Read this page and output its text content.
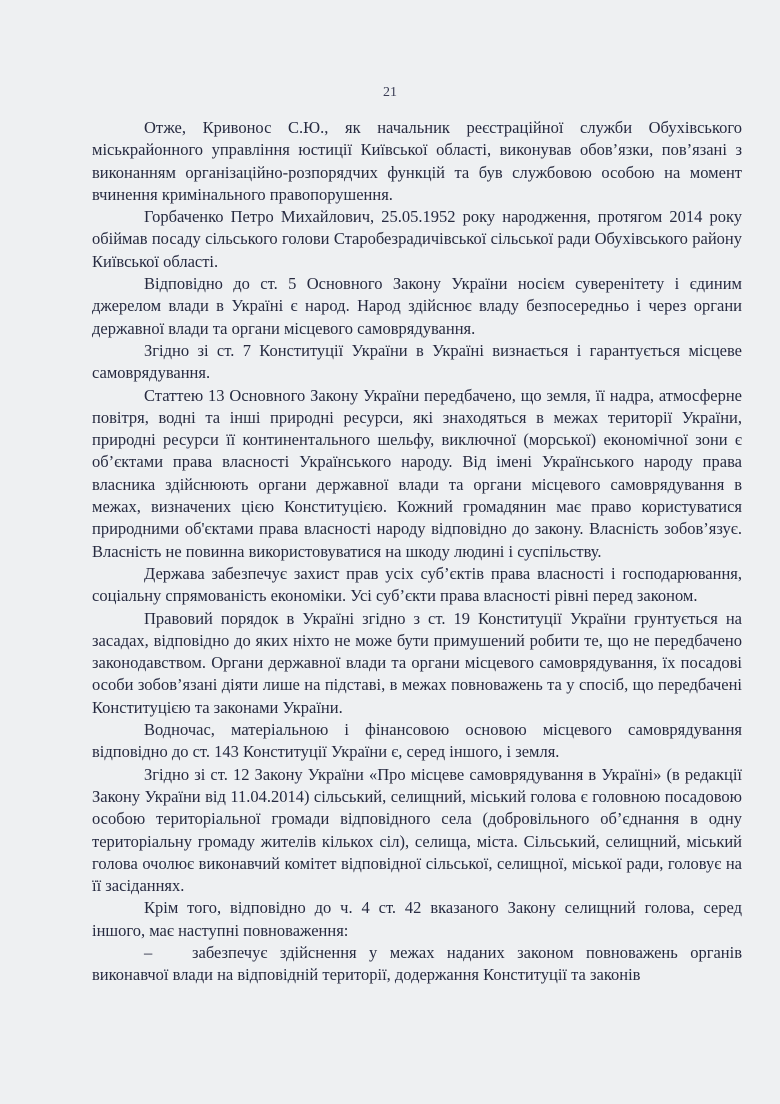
21

Отже, Кривонос С.Ю., як начальник реєстраційної служби Обухівського міськрайонного управління юстиції Київської області, виконував обов’язки, пов’язані з виконанням організаційно-розпорядчих функцій та був службовою особою на момент вчинення кримінального правопорушення.

Горбаченко Петро Михайлович, 25.05.1952 року народження, протягом 2014 року обіймав посаду сільського голови Старобезрадичівської сільської ради Обухівського району Київської області.

Відповідно до ст. 5 Основного Закону України носієм суверенітету і єдиним джерелом влади в Україні є народ. Народ здійснює владу безпосередньо і через органи державної влади та органи місцевого самоврядування.

Згідно зі ст. 7 Конституції України в Україні визнається і гарантується місцеве самоврядування.

Статтею 13 Основного Закону України передбачено, що земля, її надра, атмосферне повітря, водні та інші природні ресурси, які знаходяться в межах території України, природні ресурси її континентального шельфу, виключної (морської) економічної зони є об’єктами права власності Українського народу. Від імені Українського народу права власника здійснюють органи державної влади та органи місцевого самоврядування в межах, визначених цією Конституцією. Кожний громадянин має право користуватися природними об'єктами права власності народу відповідно до закону. Власність зобов’язує. Власність не повинна використовуватися на шкоду людині і суспільству.

Держава забезпечує захист прав усіх суб’єктів права власності і господарювання, соціальну спрямованість економіки. Усі суб’єкти права власності рівні перед законом.

Правовий порядок в Україні згідно з ст. 19 Конституції України грунтується на засадах, відповідно до яких ніхто не може бути примушений робити те, що не передбачено законодавством. Органи державної влади та органи місцевого самоврядування, їх посадові особи зобов’язані діяти лише на підставі, в межах повноважень та у спосіб, що передбачені Конституцією та законами України.

Водночас, матеріальною і фінансовою основою місцевого самоврядування відповідно до ст. 143 Конституції України є, серед іншого, і земля.

Згідно зі ст. 12 Закону України «Про місцеве самоврядування в Україні» (в редакції Закону України від 11.04.2014) сільський, селищний, міський голова є головною посадовою особою територіальної громади відповідного села (добровільного об’єднання в одну територіальну громаду жителів кількох сіл), селища, міста. Сільський, селищний, міський голова очолює виконавчий комітет відповідної сільської, селищної, міської ради, головує на її засіданнях.

Крім того, відповідно до ч. 4 ст. 42 вказаного Закону селищний голова, серед іншого, має наступні повноваження:

– забезпечує здійснення у межах наданих законом повноважень органів виконавчої влади на відповідній території, додержання Конституції та законів
